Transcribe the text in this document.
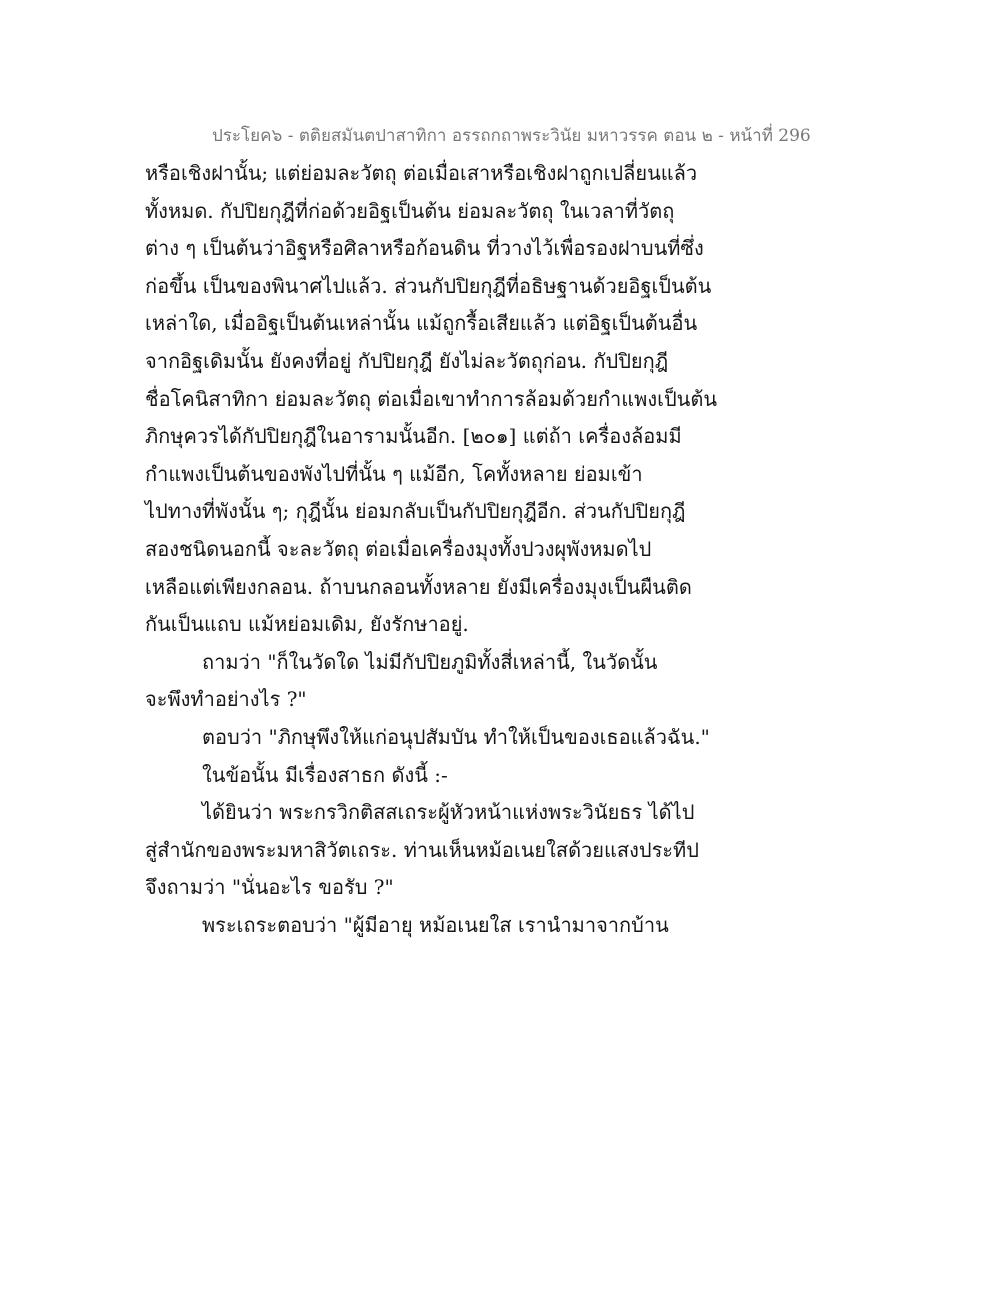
ประโยค๖ - ตติยสมันตปาสาทิกา อรรถกถาพระวินัย มหาวรรค ตอน ๒ - หน้าที่ 296
หรือเชิงฝานั้น; แต่ย่อมละวัตถุ ต่อเมื่อเสาหรือเชิงฝาถูกเปลี่ยนแล้ว
ทั้งหมด. กัปปิยกุฎีที่ก่อด้วยอิฐเป็นต้น ย่อมละวัตถุ ในเวลาที่วัตถุ
ต่าง ๆ เป็นต้นว่าอิฐหรือศิลาหรือก้อนดิน ที่วางไว้เพื่อรองฝาบนที่ซึ่ง
ก่อขึ้น เป็นของพินาศไปแล้ว. ส่วนกัปปิยกุฎีที่อธิษฐานด้วยอิฐเป็นต้น
เหล่าใด, เมื่ออิฐเป็นต้นเหล่านั้น แม้ถูกรื้อเสียแล้ว แต่อิฐเป็นต้นอื่น
จากอิฐเดิมนั้น ยังคงที่อยู่ กัปปิยกุฎี ยังไม่ละวัตถุก่อน. กัปปิยกุฎี
ชื่อโคนิสาทิกา ย่อมละวัตถุ ต่อเมื่อเขาทำการล้อมด้วยกำแพงเป็นต้น
ภิกษุควรได้กัปปิยกุฎีในอารามนั้นอีก. [๒๐๑] แต่ถ้า เครื่องล้อมมี
กำแพงเป็นต้นของพังไปที่นั้น ๆ แม้อีก, โคทั้งหลาย ย่อมเข้า
ไปทางที่พังนั้น ๆ; กุฎีนั้น ย่อมกลับเป็นกัปปิยกุฎีอีก. ส่วนกัปปิยกุฎี
สองชนิดนอกนี้ จะละวัตถุ ต่อเมื่อเครื่องมุงทั้งปวงผุพังหมดไป
เหลือแต่เพียงกลอน. ถ้าบนกลอนทั้งหลาย ยังมีเครื่องมุงเป็นผืนติด
กันเป็นแถบ แม้หย่อมเดิม, ยังรักษาอยู่.
ถามว่า "ก็ในวัดใด ไม่มีกัปปิยภูมิทั้งสี่เหล่านี้, ในวัดนั้น
จะพึงทำอย่างไร ?"
ตอบว่า "ภิกษุพึงให้แก่อนุปสัมบัน ทำให้เป็นของเธอแล้วฉัน."
ในข้อนั้น มีเรื่องสาธก ดังนี้ :-
ได้ยินว่า พระกรวิกติสสเถระผู้หัวหน้าแห่งพระวินัยธร ได้ไป
สู่สำนักของพระมหาสิวัตเถระ. ท่านเห็นหม้อเนยใสด้วยแสงประทีป
จึงถามว่า "นั่นอะไร ขอรับ ?"
พระเถระตอบว่า "ผู้มีอายุ หม้อเนยใส เรานำมาจากบ้าน
